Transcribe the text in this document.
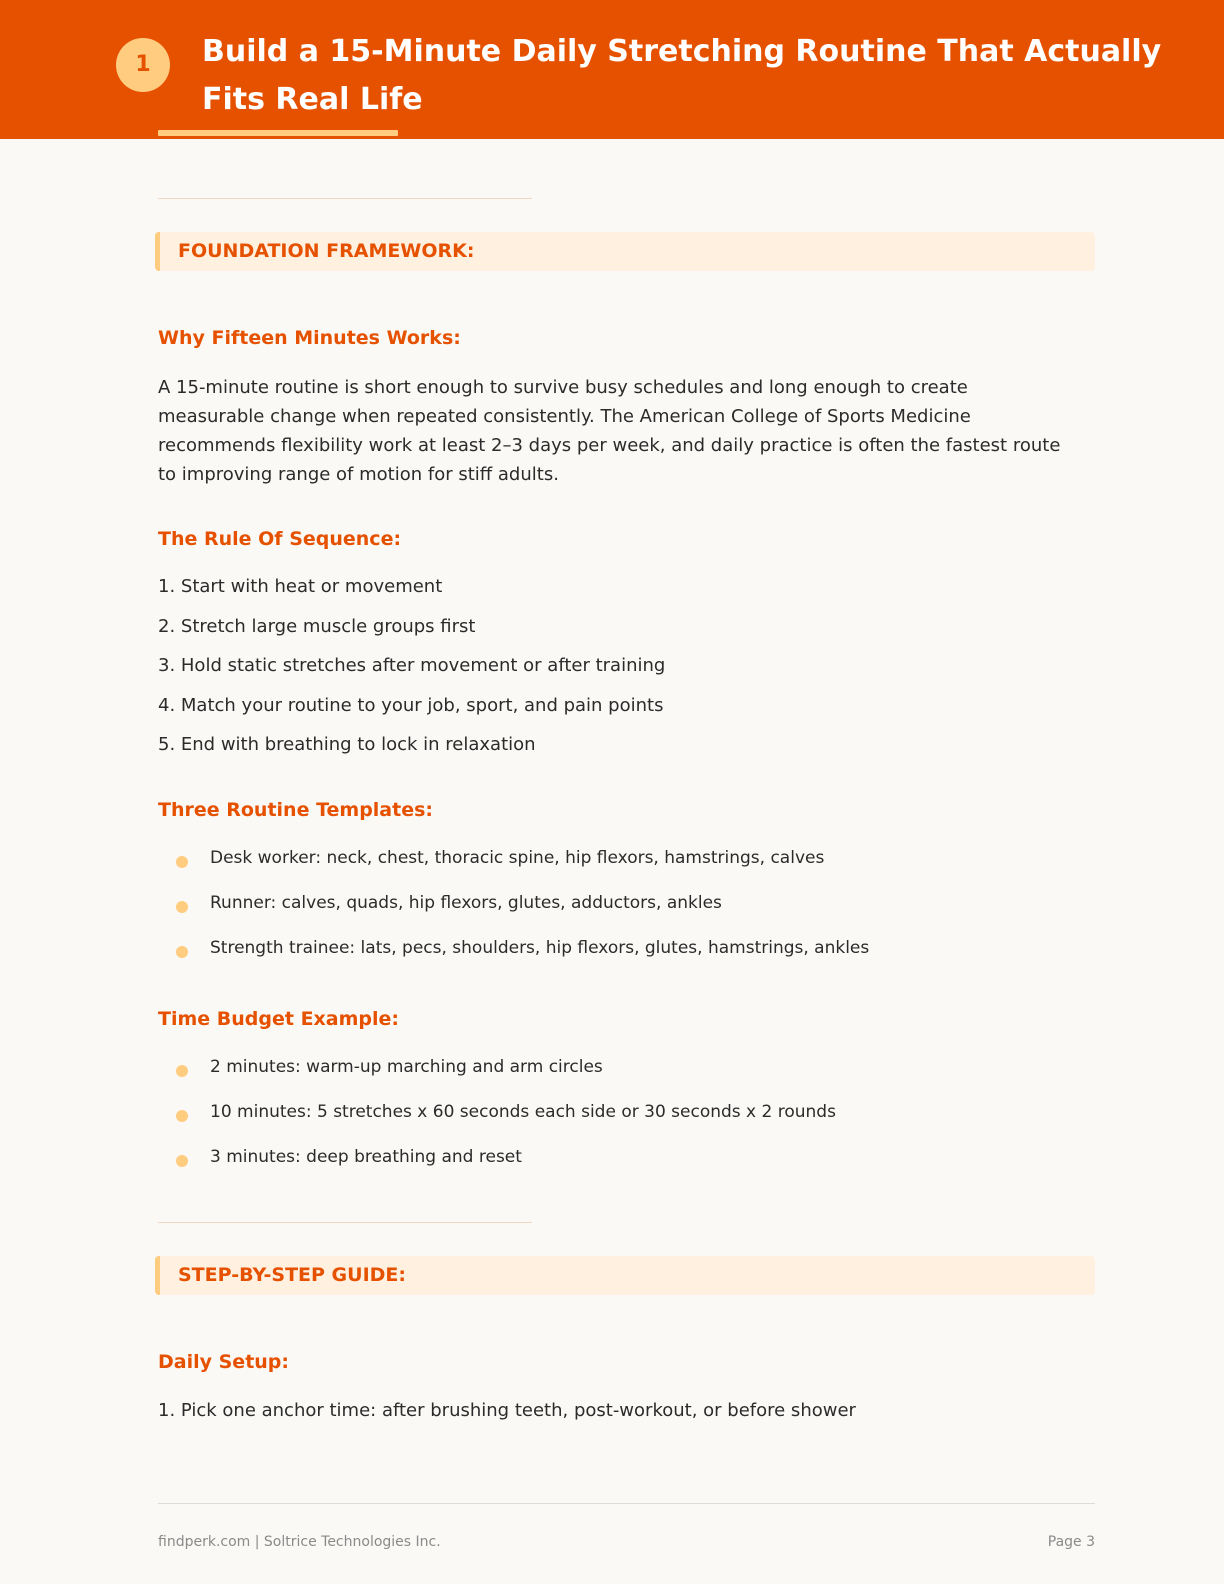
1	Build a 15-Minute Daily Stretching Routine That Actually Fits Real Life
FOUNDATION FRAMEWORK:
Why Fifteen Minutes Works:
A 15-minute routine is short enough to survive busy schedules and long enough to create measurable change when repeated consistently. The American College of Sports Medicine recommends flexibility work at least 2–3 days per week, and daily practice is often the fastest route to improving range of motion for stiff adults.
The Rule Of Sequence:
1. Start with heat or movement
2. Stretch large muscle groups first
3. Hold static stretches after movement or after training
4. Match your routine to your job, sport, and pain points
5. End with breathing to lock in relaxation
Three Routine Templates:
Desk worker: neck, chest, thoracic spine, hip flexors, hamstrings, calves
Runner: calves, quads, hip flexors, glutes, adductors, ankles
Strength trainee: lats, pecs, shoulders, hip flexors, glutes, hamstrings, ankles
Time Budget Example:
2 minutes: warm-up marching and arm circles
10 minutes: 5 stretches x 60 seconds each side or 30 seconds x 2 rounds
3 minutes: deep breathing and reset
STEP-BY-STEP GUIDE:
Daily Setup:
1. Pick one anchor time: after brushing teeth, post-workout, or before shower
findperk.com | Soltrice Technologies Inc.	Page 3
